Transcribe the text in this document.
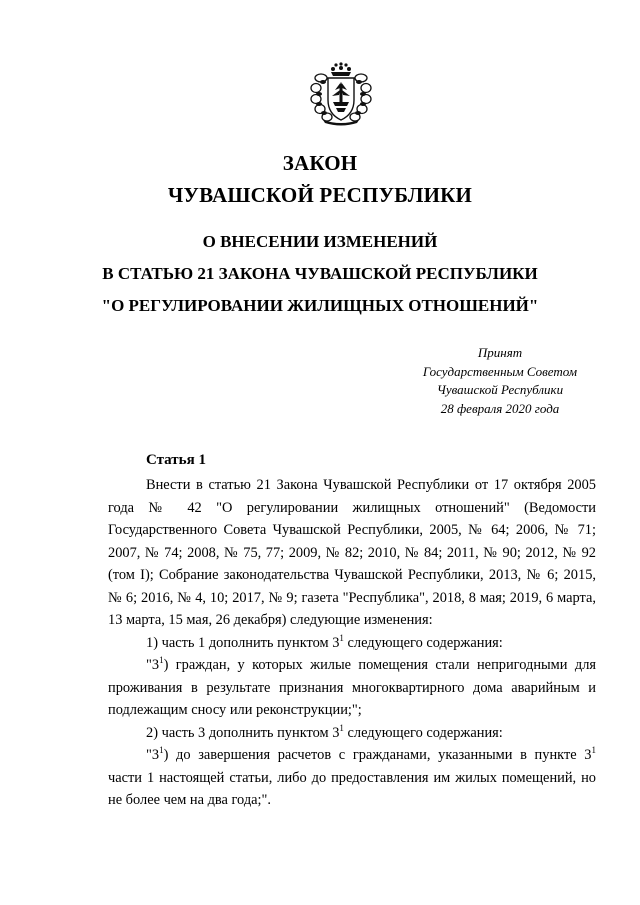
ЗАКОН
ЧУВАШСКОЙ РЕСПУБЛИКИ
О ВНЕСЕНИИ ИЗМЕНЕНИЙ
В СТАТЬЮ 21 ЗАКОНА ЧУВАШСКОЙ РЕСПУБЛИКИ
"О РЕГУЛИРОВАНИИ ЖИЛИЩНЫХ ОТНОШЕНИЙ"
Принят
Государственным Советом
Чувашской Республики
28 февраля 2020 года
Статья 1

Внести в статью 21 Закона Чувашской Республики от 17 октября 2005 года № 42 "О регулировании жилищных отношений" (Ведомости Государственного Совета Чувашской Республики, 2005, № 64; 2006, № 71; 2007, № 74; 2008, № 75, 77; 2009, № 82; 2010, № 84; 2011, № 90; 2012, № 92 (том I); Собрание законодательства Чувашской Республики, 2013, № 6; 2015, № 6; 2016, № 4, 10; 2017, № 9; газета "Республика", 2018, 8 мая; 2019, 6 марта, 13 марта, 15 мая, 26 декабря) следующие изменения:

1) часть 1 дополнить пунктом $3^1$ следующего содержания:

"$3^1$) граждан, у которых жилые помещения стали непригодными для проживания в результате признания многоквартирного дома аварийным и подлежащим сносу или реконструкции;";

2) часть 3 дополнить пунктом $3^1$ следующего содержания:

"$3^1$) до завершения расчетов с гражданами, указанными в пункте $3^1$ части 1 настоящей статьи, либо до предоставления им жилых помещений, но не более чем на два года;".
